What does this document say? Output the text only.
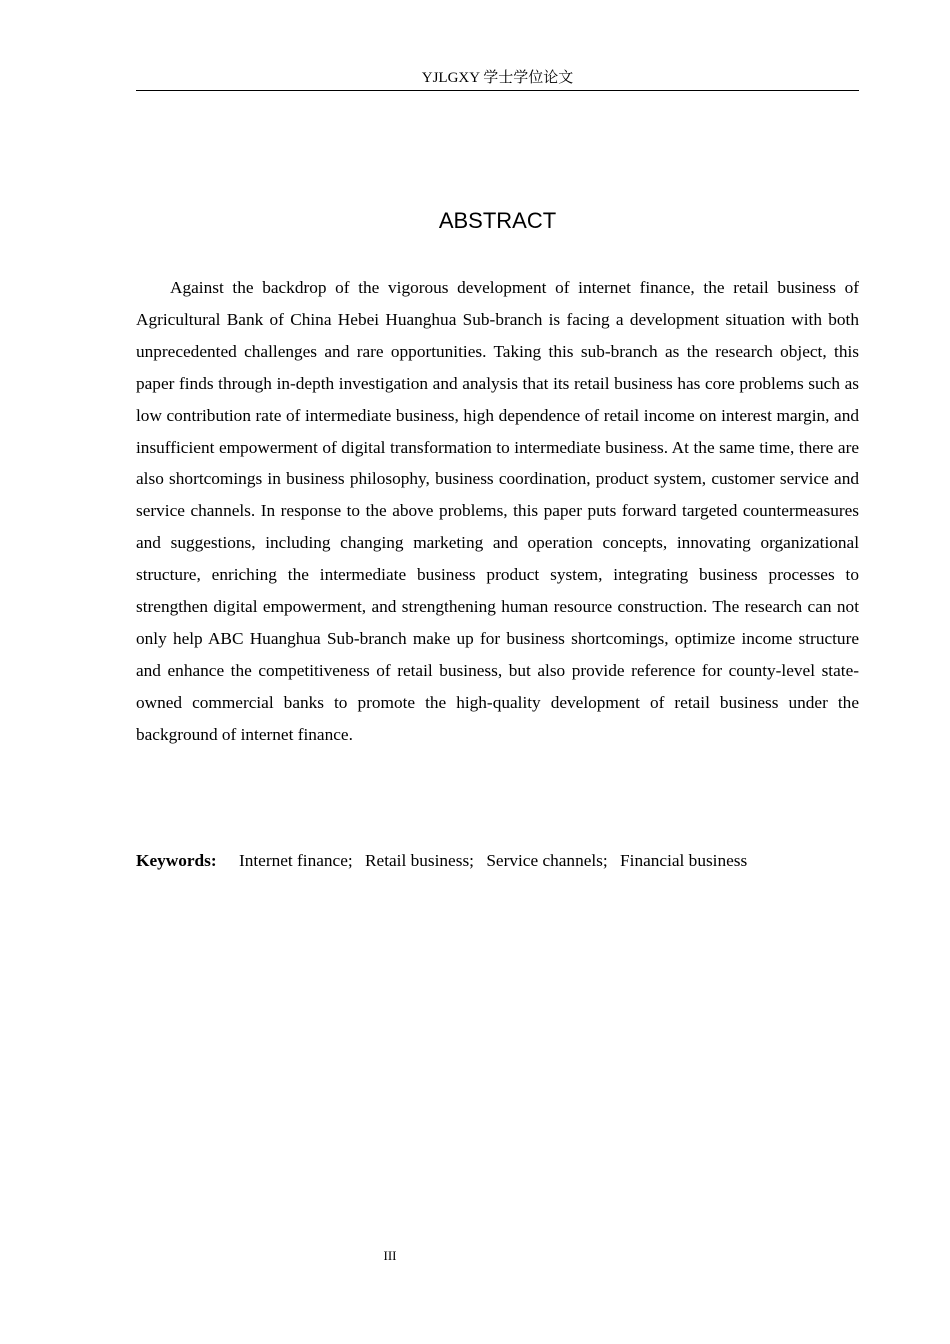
YJLGXY 学士学位论文
ABSTRACT

Against the backdrop of the vigorous development of internet finance, the retail business of Agricultural Bank of China Hebei Huanghua Sub-branch is facing a development situation with both unprecedented challenges and rare opportunities. Taking this sub-branch as the research object, this paper finds through in-depth investigation and analysis that its retail business has core problems such as low contribution rate of intermediate business, high dependence of retail income on interest margin, and insufficient empowerment of digital transformation to intermediate business. At the same time, there are also shortcomings in business philosophy, business coordination, product system, customer service and service channels. In response to the above problems, this paper puts forward targeted countermeasures and suggestions, including changing marketing and operation concepts, innovating organizational structure, enriching the intermediate business product system, integrating business processes to strengthen digital empowerment, and strengthening human resource construction. The research can not only help ABC Huanghua Sub-branch make up for business shortcomings, optimize income structure and enhance the competitiveness of retail business, but also provide reference for county-level state-owned commercial banks to promote the high-quality development of retail business under the background of internet finance.

Keywords: Internet finance; Retail business; Service channels; Financial business
III
